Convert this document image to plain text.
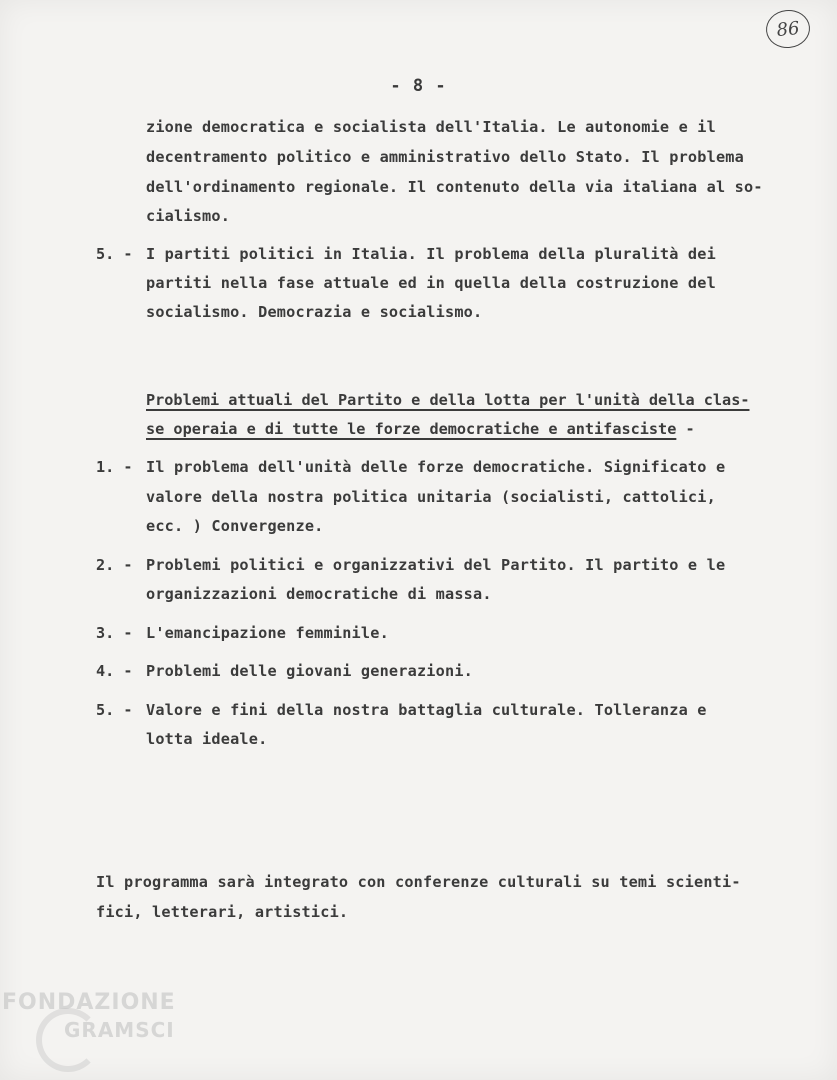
86
- 8 -
zione democratica e socialista dell'Italia. Le autonomie e il
decentramento politico e amministrativo dello Stato. Il problema
dell'ordinamento regionale. Il contenuto della via italiana al so-
cialismo.
5. - I partiti politici in Italia. Il problema della pluralità dei
partiti nella fase attuale ed in quella della costruzione del
socialismo. Democrazia e socialismo.
Problemi attuali del Partito e della lotta per l'unità della clas-
se operaia e di tutte le forze democratiche e antifasciste -
1. - Il problema dell'unità delle forze democratiche. Significato e
valore della nostra politica unitaria (socialisti, cattolici,
ecc. ) Convergenze.
2. - Problemi politici e organizzativi del Partito. Il partito e le
organizzazioni democratiche di massa.
3. - L'emancipazione femminile.
4. - Problemi delle giovani generazioni.
5. - Valore e fini della nostra battaglia culturale. Tolleranza e
lotta ideale.
Il programma sarà integrato con conferenze culturali su temi scienti-
fici, letterari, artistici.
FONDAZIONE
GRAMSCI
